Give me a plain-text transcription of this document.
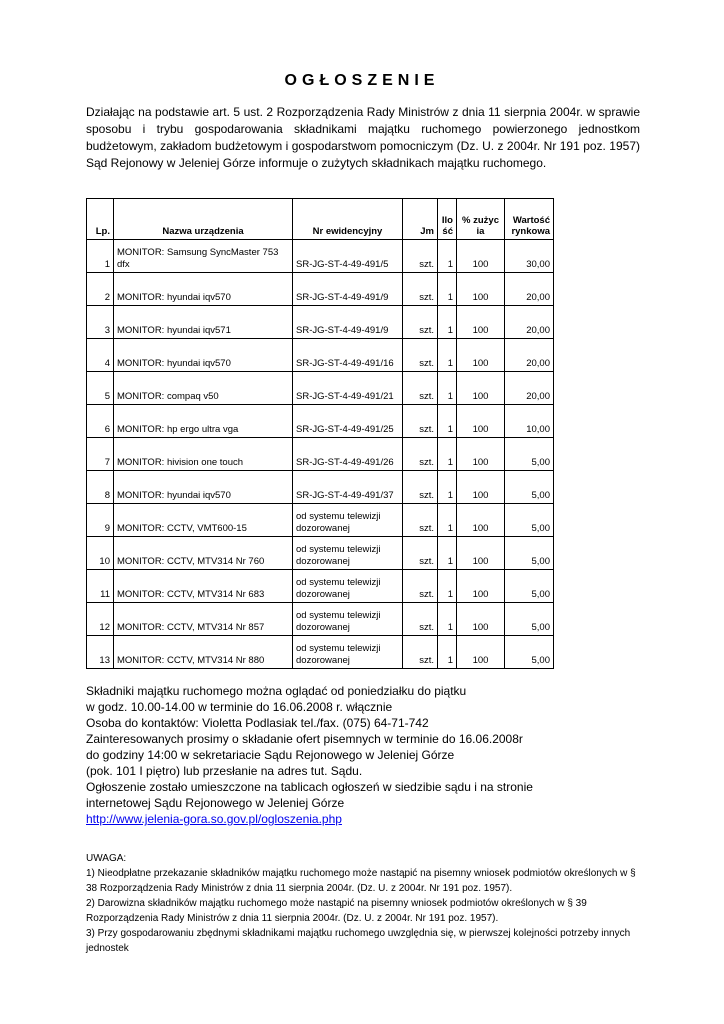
OGŁOSZENIE
Działając na podstawie art. 5 ust. 2 Rozporządzenia Rady Ministrów z dnia 11 sierpnia 2004r. w sprawie sposobu i trybu gospodarowania składnikami majątku ruchomego powierzonego jednostkom budżetowym, zakładom budżetowym i gospodarstwom pomocniczym (Dz. U. z 2004r. Nr 191 poz. 1957) Sąd Rejonowy w Jeleniej Górze informuje o zużytych składnikach majątku ruchomego.
Lp.	Nazwa urządzenia	Nr ewidencyjny	Jm	Ilo ść	% zużyc ia	Wartość rynkowa
1	MONITOR: Samsung SyncMaster 753 dfx	SR-JG-ST-4-49-491/5	szt.	1	100	30,00
2	MONITOR: hyundai iqv570	SR-JG-ST-4-49-491/9	szt.	1	100	20,00
3	MONITOR: hyundai iqv571	SR-JG-ST-4-49-491/9	szt.	1	100	20,00
4	MONITOR: hyundai iqv570	SR-JG-ST-4-49-491/16	szt.	1	100	20,00
5	MONITOR: compaq v50	SR-JG-ST-4-49-491/21	szt.	1	100	20,00
6	MONITOR: hp ergo ultra vga	SR-JG-ST-4-49-491/25	szt.	1	100	10,00
7	MONITOR: hivision one touch	SR-JG-ST-4-49-491/26	szt.	1	100	5,00
8	MONITOR: hyundai iqv570	SR-JG-ST-4-49-491/37	szt.	1	100	5,00
9	MONITOR: CCTV, VMT600-15	od systemu telewizji dozorowanej	szt.	1	100	5,00
10	MONITOR: CCTV, MTV314 Nr 760	od systemu telewizji dozorowanej	szt.	1	100	5,00
11	MONITOR: CCTV, MTV314 Nr 683	od systemu telewizji dozorowanej	szt.	1	100	5,00
12	MONITOR: CCTV, MTV314 Nr 857	od systemu telewizji dozorowanej	szt.	1	100	5,00
13	MONITOR: CCTV, MTV314 Nr 880	od systemu telewizji dozorowanej	szt.	1	100	5,00
Składniki majątku ruchomego można oglądać od poniedziałku do piątku
w godz. 10.00-14.00 w terminie do 16.06.2008 r. włącznie
Osoba do kontaktów: Violetta Podlasiak tel./fax. (075) 64-71-742
Zainteresowanych prosimy o składanie ofert pisemnych w terminie do 16.06.2008r
do godziny 14:00 w sekretariacie Sądu Rejonowego w Jeleniej Górze
(pok. 101 I piętro) lub przesłanie na adres tut. Sądu.
Ogłoszenie zostało umieszczone na tablicach ogłoszeń w siedzibie sądu i na stronie
internetowej Sądu Rejonowego w Jeleniej Górze
http://www.jelenia-gora.so.gov.pl/ogloszenia.php
UWAGA:
1) Nieodpłatne przekazanie składników majątku ruchomego może nastąpić na pisemny wniosek podmiotów określonych w § 38 Rozporządzenia Rady Ministrów z dnia 11 sierpnia 2004r. (Dz. U. z 2004r. Nr 191 poz. 1957).
2) Darowizna składników majątku ruchomego może nastąpić na pisemny wniosek podmiotów określonych w § 39 Rozporządzenia Rady Ministrów z dnia 11 sierpnia 2004r. (Dz. U. z 2004r. Nr 191 poz. 1957).
3) Przy gospodarowaniu zbędnymi składnikami majątku ruchomego uwzględnia się, w pierwszej kolejności potrzeby innych jednostek
